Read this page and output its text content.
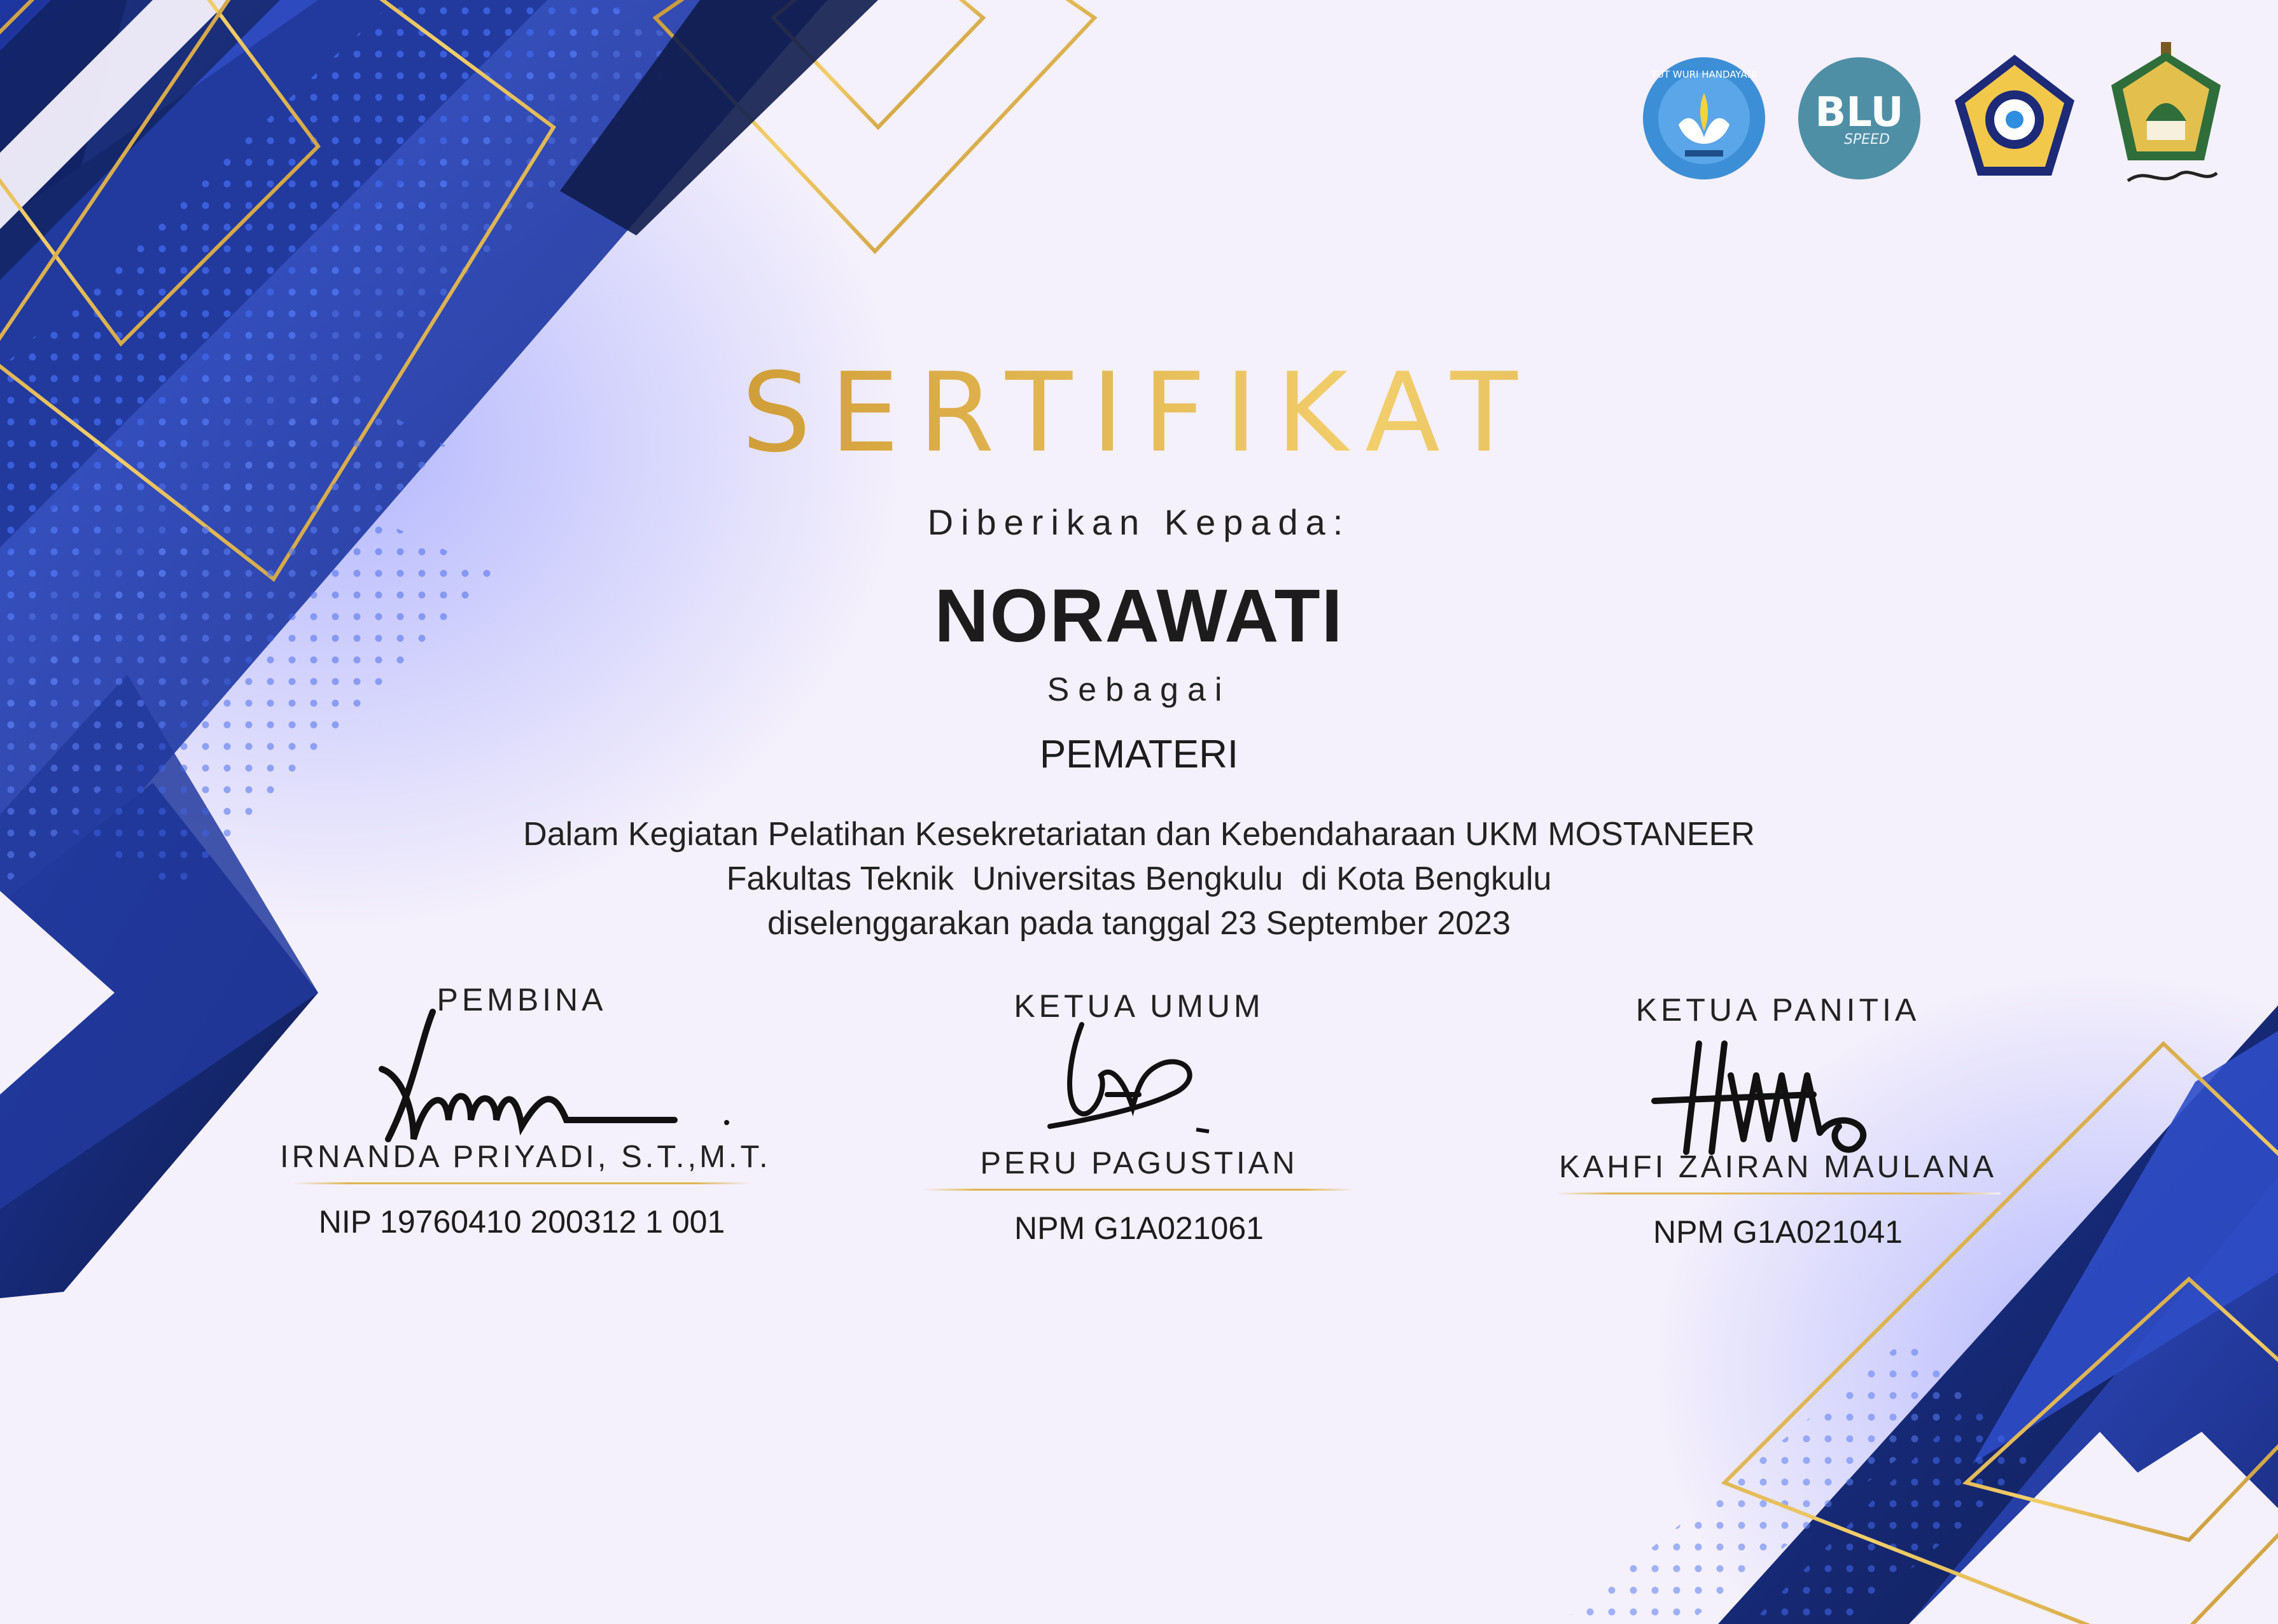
TUT WURI HANDAYANI
BLU
SPEED
SERTIFIKAT
Diberikan Kepada:
NORAWATI
Sebagai
PEMATERI
Dalam Kegiatan Pelatihan Kesekretariatan dan Kebendaharaan UKM MOSTANEER
Fakultas Teknik  Universitas Bengkulu  di Kota Bengkulu
diselenggarakan pada tanggal 23 September 2023
PEMBINA
IRNANDA PRIYADI, S.T.,M.T.
NIP 19760410 200312 1 001
KETUA UMUM
PERU PAGUSTIAN
NPM G1A021061
KETUA PANITIA
KAHFI ZAIRAN MAULANA
NPM G1A021041
